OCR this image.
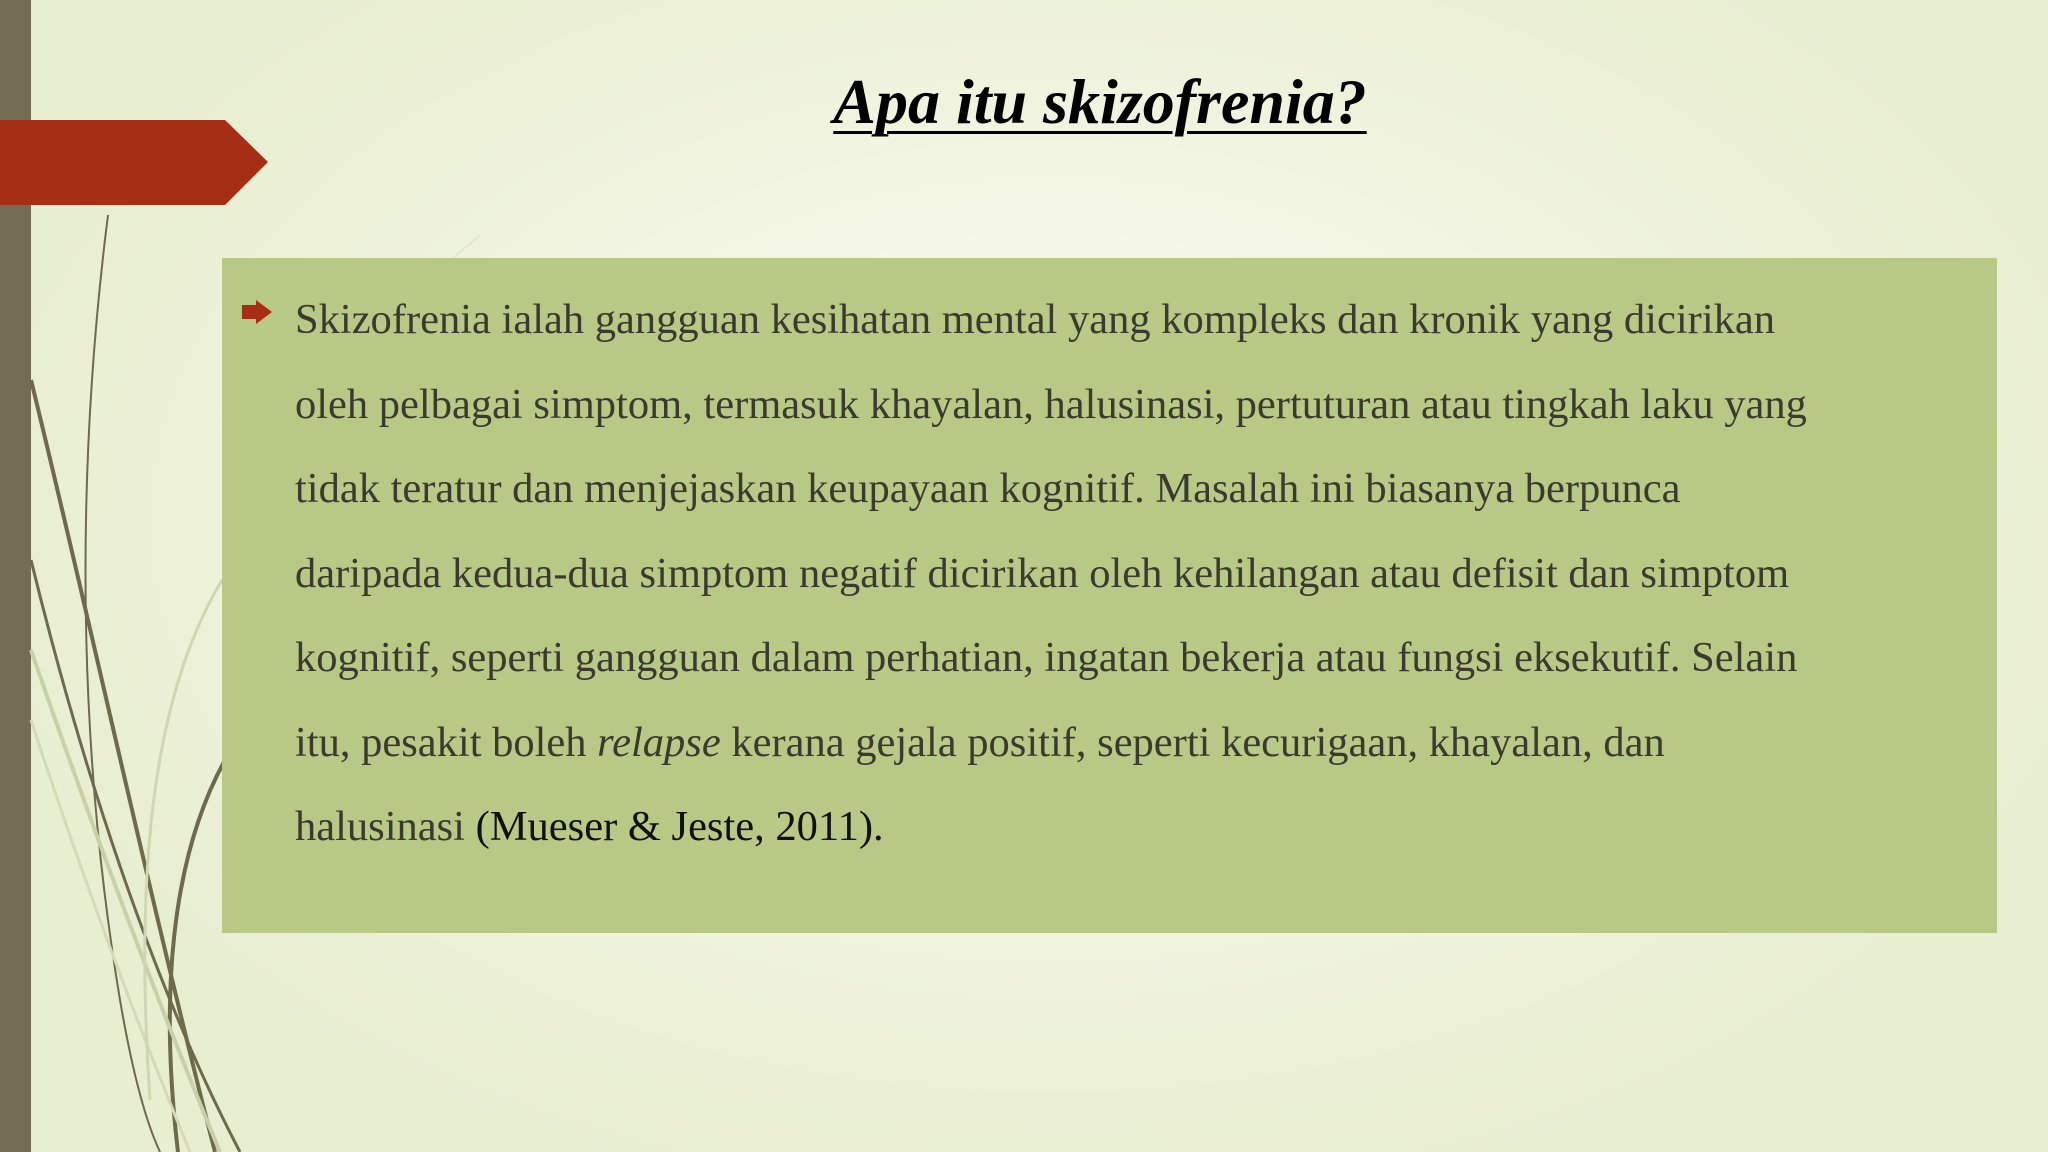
Apa itu skizofrenia?
Skizofrenia ialah gangguan kesihatan mental yang kompleks dan kronik yang dicirikan
oleh pelbagai simptom, termasuk khayalan, halusinasi, pertuturan atau tingkah laku yang
tidak teratur dan menjejaskan keupayaan kognitif. Masalah ini biasanya berpunca
daripada kedua-dua simptom negatif dicirikan oleh kehilangan atau defisit dan simptom
kognitif, seperti gangguan dalam perhatian, ingatan bekerja atau fungsi eksekutif. Selain
itu, pesakit boleh relapse kerana gejala positif, seperti kecurigaan, khayalan, dan
halusinasi (Mueser & Jeste, 2011).
